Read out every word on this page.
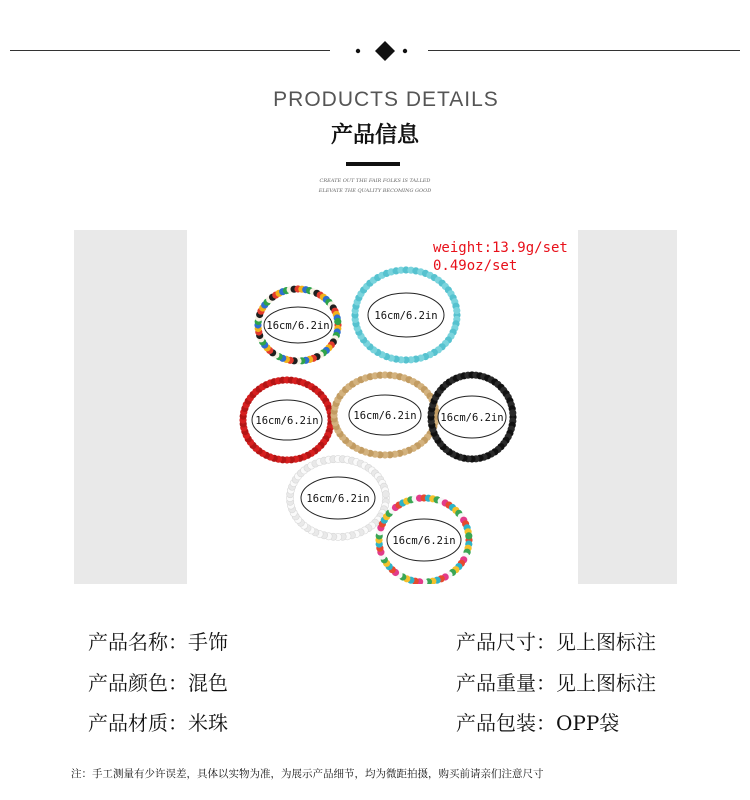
PRODUCTS DETAILS
产品信息
CREATE OUT THE FAIR FOLKS IS TALLED
ELEVATE THE QUALITY BECOMING GOOD
16cm/6.2in
16cm/6.2in
16cm/6.2in	16cm/6.2in 16cm/6.2in
16cm/6.2in
16cm/6.2in
weight:13.9g/set
0.49oz/set
产品名称：手饰
产品颜色：混色
产品材质：米珠
产品尺寸：见上图标注
产品重量：见上图标注
产品包装：OPP袋
注：手工测量有少许误差，具体以实物为准，为展示产品细节，均为微距拍摄，购买前请亲们注意尺寸
